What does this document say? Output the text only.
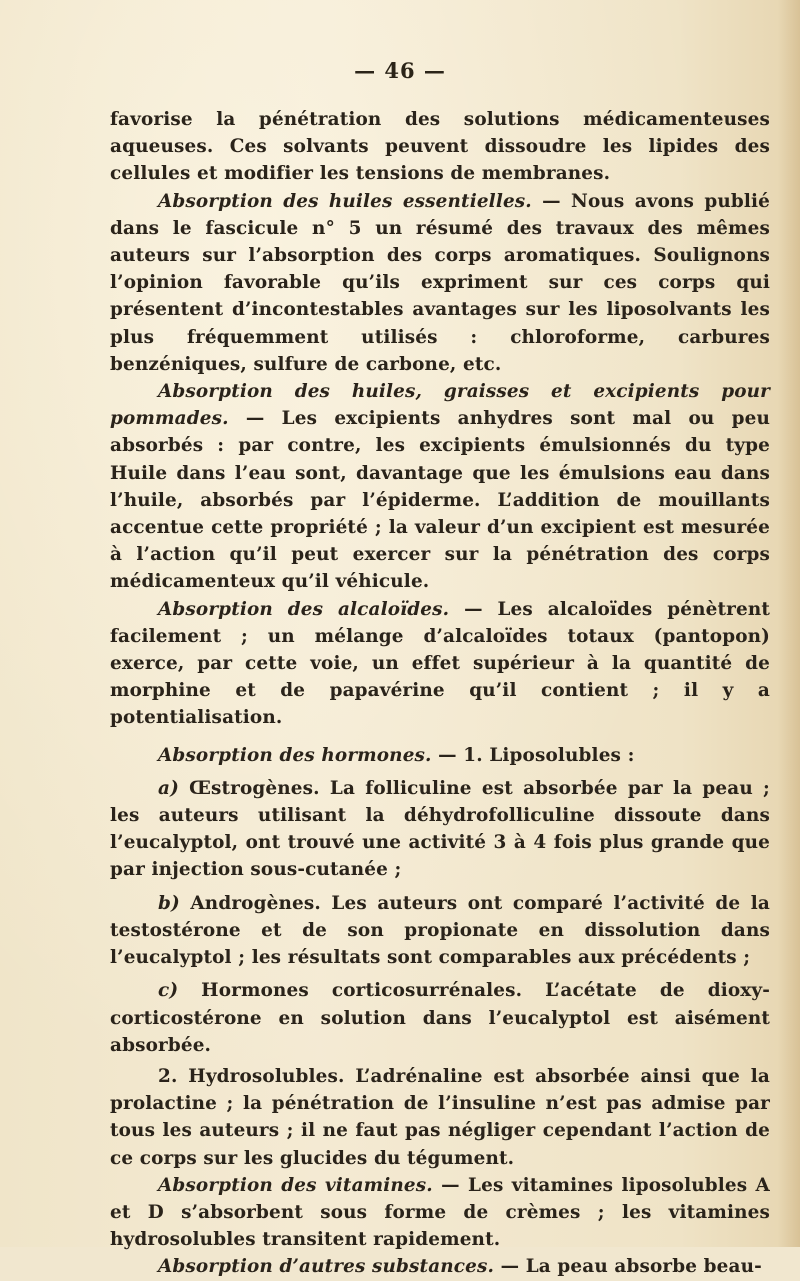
— 46 —

favorise la pénétration des solutions médicamenteuses aqueuses. Ces solvants peuvent dissoudre les lipides des cellules et modifier les tensions de membranes.

Absorption des huiles essentielles. — Nous avons publié dans le fascicule n° 5 un résumé des travaux des mêmes auteurs sur l’absorption des corps aromatiques. Soulignons l’opinion favorable qu’ils expriment sur ces corps qui présentent d’incontestables avantages sur les liposolvants les plus fréquemment utilisés : chloroforme, carbures benzéniques, sulfure de carbone, etc.

Absorption des huiles, graisses et excipients pour pommades. — Les excipients anhydres sont mal ou peu absorbés : par contre, les excipients émulsionnés du type Huile dans l’eau sont, davantage que les émulsions eau dans l’huile, absorbés par l’épiderme. L’addition de mouillants accentue cette propriété ; la valeur d’un excipient est mesurée à l’action qu’il peut exercer sur la pénétration des corps médicamenteux qu’il véhicule.

Absorption des alcaloïdes. — Les alcaloïdes pénètrent facilement ; un mélange d’alcaloïdes totaux (pantopon) exerce, par cette voie, un effet supérieur à la quantité de morphine et de papavérine qu’il contient ; il y a potentialisation.

Absorption des hormones. — 1. Liposolubles :

a) Œstrogènes. La folliculine est absorbée par la peau ; les auteurs utilisant la déhydrofolliculine dissoute dans l’eucalyptol, ont trouvé une activité 3 à 4 fois plus grande que par injection sous-cutanée ;

b) Androgènes. Les auteurs ont comparé l’activité de la testostérone et de son propionate en dissolution dans l’eucalyptol ; les résultats sont comparables aux précédents ;

c) Hormones corticosurrénales. L’acétate de dioxy-corticostérone en solution dans l’eucalyptol est aisément absorbée.

2. Hydrosolubles. L’adrénaline est absorbée ainsi que la prolactine ; la pénétration de l’insuline n’est pas admise par tous les auteurs ; il ne faut pas négliger cependant l’action de ce corps sur les glucides du tégument.

Absorption des vitamines. — Les vitamines liposolubles A et D s’absorbent sous forme de crèmes ; les vitamines hydrosolubles transitent rapidement.

Absorption d’autres substances. — La peau absorbe beau-
